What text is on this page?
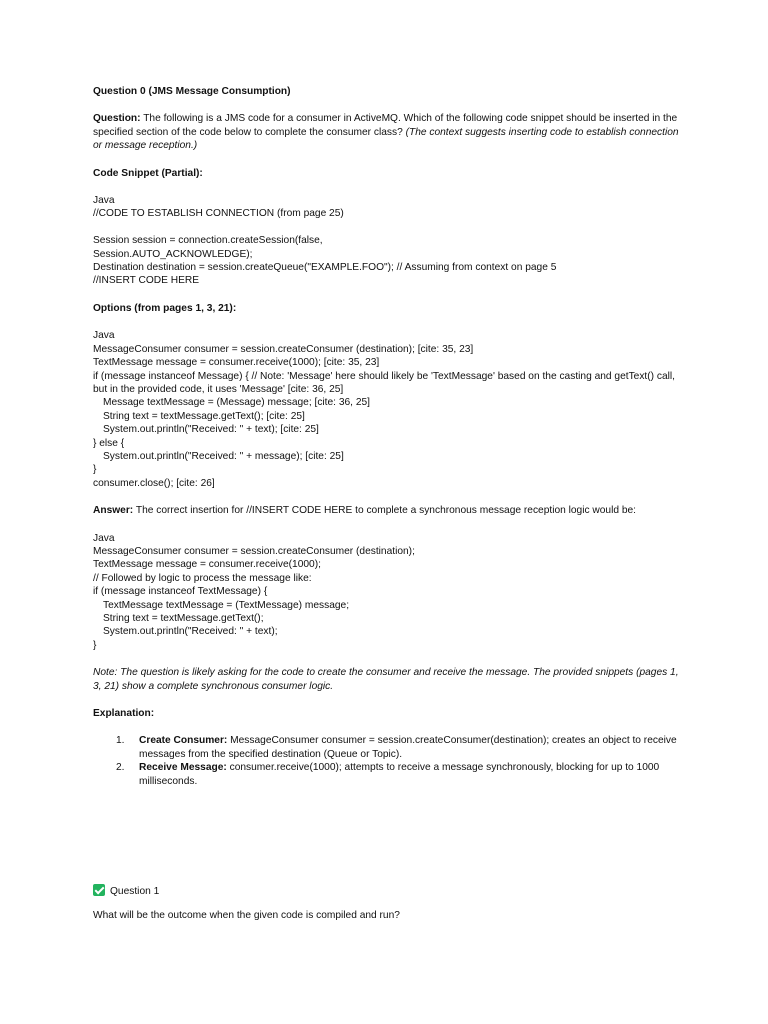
Question 0 (JMS Message Consumption)

Question: The following is a JMS code for a consumer in ActiveMQ. Which of the following code snippet should be inserted in the specified section of the code below to complete the consumer class? (The context suggests inserting code to establish connection or message reception.)

Code Snippet (Partial):

Java
//CODE TO ESTABLISH CONNECTION (from page 25)

Session session = connection.createSession(false,
Session.AUTO_ACKNOWLEDGE);
Destination destination = session.createQueue("EXAMPLE.FOO"); // Assuming from context on page 5
//INSERT CODE HERE

Options (from pages 1, 3, 21):

Java
MessageConsumer consumer = session.createConsumer (destination); [cite: 35, 23]
TextMessage message = consumer.receive(1000); [cite: 35, 23]
if (message instanceof Message) { // Note: 'Message' here should likely be 'TextMessage' based on the casting and getText() call, but in the provided code, it uses 'Message' [cite: 36, 25]
Message textMessage = (Message) message; [cite: 36, 25]
String text = textMessage.getText(); [cite: 25]
System.out.println("Received: " + text); [cite: 25]
} else {
System.out.println("Received: " + message); [cite: 25]
}
consumer.close(); [cite: 26]

Answer: The correct insertion for //INSERT CODE HERE to complete a synchronous message reception logic would be:

Java
MessageConsumer consumer = session.createConsumer (destination);
TextMessage message = consumer.receive(1000);
// Followed by logic to process the message like:
if (message instanceof TextMessage) {
TextMessage textMessage = (TextMessage) message;
String text = textMessage.getText();
System.out.println("Received: " + text);
}

Note: The question is likely asking for the code to create the consumer and receive the message. The provided snippets (pages 1, 3, 21) show a complete synchronous consumer logic.

Explanation:

1. Create Consumer: MessageConsumer consumer = session.createConsumer(destination); creates an object to receive messages from the specified destination (Queue or Topic).
2. Receive Message: consumer.receive(1000); attempts to receive a message synchronously, blocking for up to 1000 milliseconds.
Question 1

What will be the outcome when the given code is compiled and run?
